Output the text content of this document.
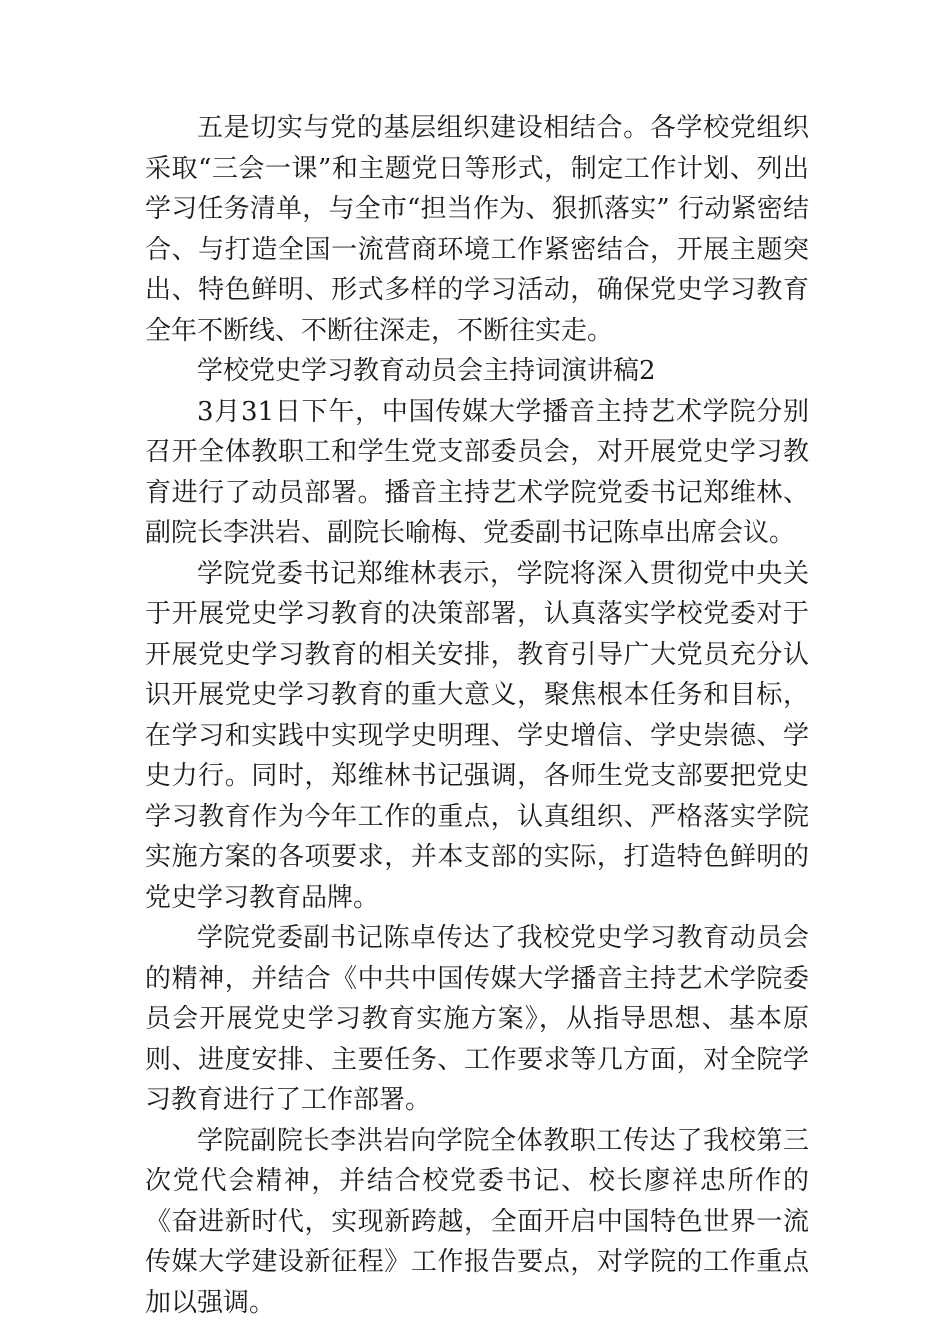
五是切实与党的基层组织建设相结合。各学校党组织采取“三会一课”和主题党日等形式，制定工作计划、列出学习任务清单，与全市“担当作为、狠抓落实” 行动紧密结合、与打造全国一流营商环境工作紧密结合，开展主题突出、特色鲜明、形式多样的学习活动，确保党史学习教育全年不断线、不断往深走，不断往实走。

学校党史学习教育动员会主持词演讲稿2

3月31日下午，中国传媒大学播音主持艺术学院分别召开全体教职工和学生党支部委员会，对开展党史学习教育进行了动员部署。播音主持艺术学院党委书记郑维林、副院长李洪岩、副院长喻梅、党委副书记陈卓出席会议。

学院党委书记郑维林表示，学院将深入贯彻党中央关于开展党史学习教育的决策部署，认真落实学校党委对于开展党史学习教育的相关安排，教育引导广大党员充分认识开展党史学习教育的重大意义，聚焦根本任务和目标，在学习和实践中实现学史明理、学史增信、学史崇德、学史力行。同时，郑维林书记强调，各师生党支部要把党史学习教育作为今年工作的重点，认真组织、严格落实学院实施方案的各项要求，并本支部的实际，打造特色鲜明的党史学习教育品牌。

学院党委副书记陈卓传达了我校党史学习教育动员会的精神，并结合《中共中国传媒大学播音主持艺术学院委员会开展党史学习教育实施方案》，从指导思想、基本原则、进度安排、主要任务、工作要求等几方面，对全院学习教育进行了工作部署。

学院副院长李洪岩向学院全体教职工传达了我校第三次党代会精神，并结合校党委书记、校长廖祥忠所作的《奋进新时代，实现新跨越，全面开启中国特色世界一流传媒大学建设新征程》工作报告要点，对学院的工作重点加以强调。
